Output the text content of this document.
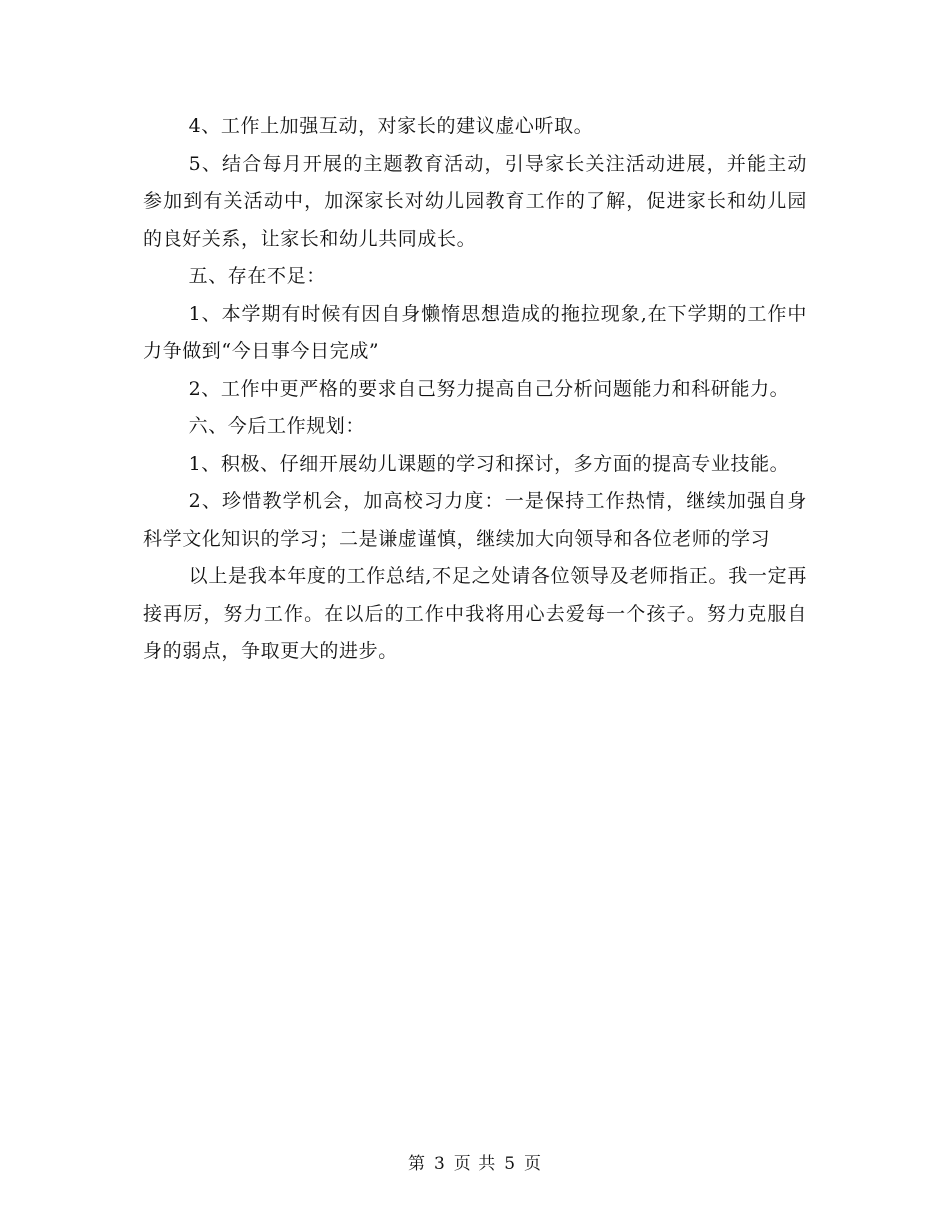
4、工作上加强互动，对家长的建议虚心听取。

5、结合每月开展的主题教育活动，引导家长关注活动进展，并能主动参加到有关活动中，加深家长对幼儿园教育工作的了解，促进家长和幼儿园的良好关系，让家长和幼儿共同成长。

五、存在不足：

1、本学期有时候有因自身懒惰思想造成的拖拉现象,在下学期的工作中力争做到“今日事今日完成”

2、工作中更严格的要求自己努力提高自己分析问题能力和科研能力。

六、今后工作规划：

1、积极、仔细开展幼儿课题的学习和探讨，多方面的提高专业技能。

2、珍惜教学机会，加高校习力度：一是保持工作热情，继续加强自身科学文化知识的学习；二是谦虚谨慎，继续加大向领导和各位老师的学习

以上是我本年度的工作总结,不足之处请各位领导及老师指正。我一定再接再厉，努力工作。在以后的工作中我将用心去爱每一个孩子。努力克服自身的弱点，争取更大的进步。

第 3 页 共 5 页
